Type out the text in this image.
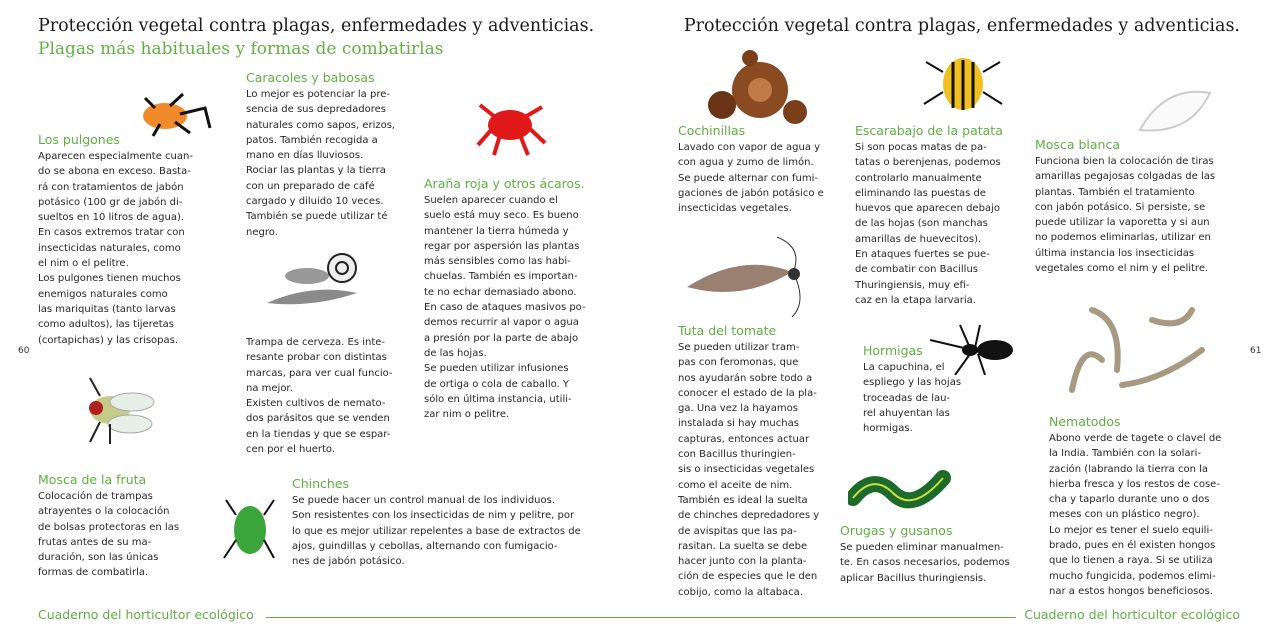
Protección vegetal contra plagas, enfermedades y adventicias.
Plagas más habituales y formas de combatirlas
Protección vegetal contra plagas, enfermedades y adventicias.
60	61
Los pulgones

Aparecen especialmente cuan-
do se abona en exceso. Basta-
rá con tratamientos de jabón
potásico (100 gr de jabón di-
sueltos en 10 litros de agua).
En casos extremos tratar con
insecticidas naturales, como
el nim o el pelitre.
Los pulgones tienen muchos
enemigos naturales como
las mariquitas (tanto larvas
como adultos), las tijeretas
(cortapichas) y las crisopas.

Caracoles y babosas

Lo mejor es potenciar la pre-
sencia de sus depredadores
naturales como sapos, erizos,
patos. También recogida a
mano en días lluviosos.
Rociar las plantas y la tierra
con un preparado de café
cargado y diluido 10 veces.
También se puede utilizar té
negro.

Trampa de cerveza. Es inte-
resante probar con distintas
marcas, para ver cual funcio-
na mejor.
Existen cultivos de nemato-
dos parásitos que se venden
en la tiendas y que se espar-
cen por el huerto.

Araña roja y otros ácaros.

Suelen aparecer cuando el
suelo está muy seco. Es bueno
mantener la tierra húmeda y
regar por aspersión las plantas
más sensibles como las habi-
chuelas. También es importan-
te no echar demasiado abono.
En caso de ataques masivos po-
demos recurrir al vapor o agua
a presión por la parte de abajo
de las hojas.
Se pueden utilizar infusiones
de ortiga o cola de caballo. Y
sólo en última instancia, utili-
zar nim o pelitre.

Mosca de la fruta

Colocación de trampas
atrayentes o la colocación
de bolsas protectoras en las
frutas antes de su ma-
duración, son las únicas
formas de combatirla.

Chinches

Se puede hacer un control manual de los individuos.
Son resistentes con los insecticidas de nim y pelitre, por
lo que es mejor utilizar repelentes a base de extractos de
ajos, guindillas y cebollas, alternando con fumigacio-
nes de jabón potásico.

Cochinillas

Lavado con vapor de agua y
con agua y zumo de limón.
Se puede alternar con fumi-
gaciones de jabón potásico e
insecticidas vegetales.

Escarabajo de la patata

Si son pocas matas de pa-
tatas o berenjenas, podemos
controlarlo manualmente
eliminando las puestas de
huevos que aparecen debajo
de las hojas (son manchas
amarillas de huevecitos).
En ataques fuertes se pue-
de combatir con Bacillus
Thuringiensis, muy efi-
caz en la etapa larvaria.

Mosca blanca

Funciona bien la colocación de tiras
amarillas pegajosas colgadas de las
plantas. También el tratamiento
con jabón potásico. Si persiste, se
puede utilizar la vaporetta y si aun
no podemos eliminarlas, utilizar en
última instancia los insecticidas
vegetales como el nim y el pelitre.

Tuta del tomate

Se pueden utilizar tram-
pas con feromonas, que
nos ayudarán sobre todo a
conocer el estado de la pla-
ga. Una vez la hayamos
instalada si hay muchas
capturas, entonces actuar
con Bacillus thuringien-
sis o insecticidas vegetales
como el aceite de nim.
También es ideal la suelta
de chinches depredadores y
de avispitas que las pa-
rasitan. La suelta se debe
hacer junto con la planta-
ción de especies que le den
cobijo, como la altabaca.

Hormigas

La capuchina, el
espliego y las hojas
troceadas de lau-
rel ahuyentan las
hormigas.

Orugas y gusanos

Se pueden eliminar manualmen-
te. En casos necesarios, podemos
aplicar Bacillus thuringiensis.

Nematodos

Abono verde de tagete o clavel de
la India. También con la solari-
zación (labrando la tierra con la
hierba fresca y los restos de cose-
cha y taparlo durante uno o dos
meses con un plástico negro).
Lo mejor es tener el suelo equili-
brado, pues en él existen hongos
que lo tienen a raya. Si se utiliza
mucho fungicida, podemos elimi-
nar a estos hongos beneficiosos.

Cuaderno del horticultor ecológico	Cuaderno del horticultor ecológico
